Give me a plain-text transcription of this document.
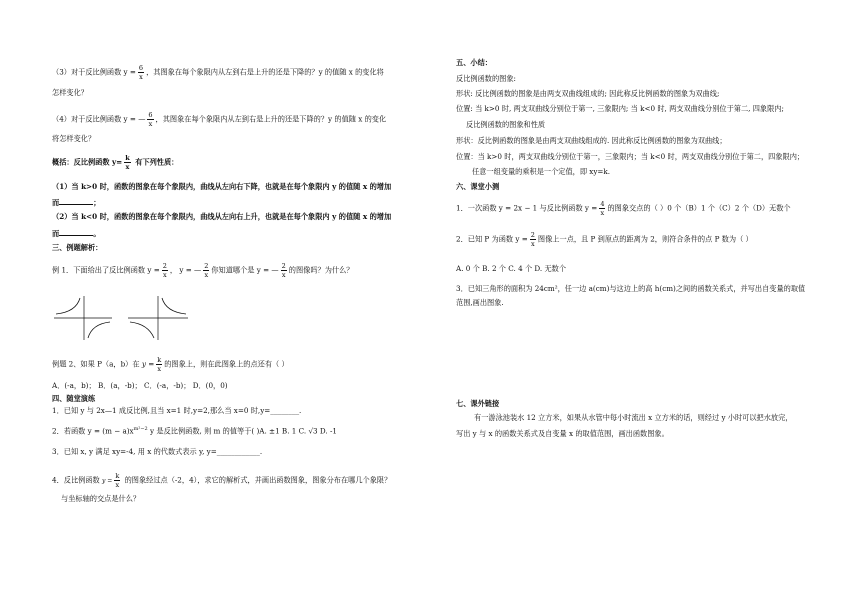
（3）对于反比例函数 $y = \frac{6}{x}$ ，其图象在每个象限内从左到右是上升的还是下降的？y 的值随 x 的变化将
怎样变化？
（4）对于反比例函数 y = — $\frac{6}{x}$ ，其图象在每个象限内从左到右是上升的还是下降的？y 的值随 x 的变化
将怎样变化？
概括：反比例函数 $y= \frac{k}{x}$ 有下列性质：
（1）当 k>0 时，函数的图象在每个象限内，曲线从左向右下降，也就是在每个象限内 y 的值随 x 的增加
而	；
（2）当 k<0 时，函数的图象在每个象限内，曲线从左向右上升，也就是在每个象限内 y 的值随 x 的增加
而	。
三、例题解析：
例 1．下面给出了反比例函数 $y = \frac{2}{x}$ ， y = — $\frac{2}{x}$ 你知道哪个是 y = — $\frac{2}{x}$ 的图像吗？为什么？
例题 2、如果 P（a，b）在 $y = \frac{k}{x}$ 的图象上，则在此图象上的点还有（ ）
A．(-a，b)； B．(a，-b)； C．(-a，-b)； D．(0，0)
四、随堂演练
1．已知 y 与 2x—1 成反比例,且当 x=1 时,y=2,那么当 x=0 时,y=________.
2．若函数 $y = (m - a)x^{m^2-2}$ y 是反比例函数, 则 m 的值等于( )A. ±1 B. 1 C. √3 D. -1
3．已知 x, y 满足 xy=-4, 用 x 的代数式表示 y, y=____________.
4．反比例函数 $y = \frac{k}{x}$ 的图象经过点（-2，4），求它的解析式，并画出函数图象，图象分布在哪几个象限？
与坐标轴的交点是什么？
五、小结：
反比例函数的图象:
形状: 反比例函数的图象是由两支双曲线组成的; 因此称反比例函数的图象为双曲线;
位置: 当 k>0 时, 两支双曲线分别位于第一, 三象限内; 当 k<0 时, 两支双曲线分别位于第二, 四象限内;
反比例函数的图象和性质
形状：反比例函数的图象是由两支双曲线组成的. 因此称反比例函数的图象为双曲线；
位置：当 k>0 时，两支双曲线分别位于第一，三象限内；当 k<0 时，两支双曲线分别位于第二，四象限内；
任意一组变量的乘积是一个定值，即 xy=k.
六、课堂小测
1．一次函数 y = 2x − 1 与反比例函数 $y = \frac{4}{x}$ 的图象交点的（ ）0 个（B）1 个（C）2 个（D）无数个
2．已知 P 为函数 $y = \frac{2}{x}$ 图像上一点，且 P 到原点的距离为 2，则符合条件的点 P 数为（ ）
A. 0 个 B. 2 个 C. 4 个 D. 无数个
3．已知三角形的面积为 24cm²，任一边 a(cm)与这边上的高 h(cm)之间的函数关系式，并写出自变量的取值
范围,画出图象.
七、课外链接
有一游泳池装水 12 立方米，如果从水管中每小时流出 x 立方米的话，则经过 y 小时可以把水放完，
写出 y 与 x 的函数关系式及自变量 x 的取值范围，画出函数图象。
